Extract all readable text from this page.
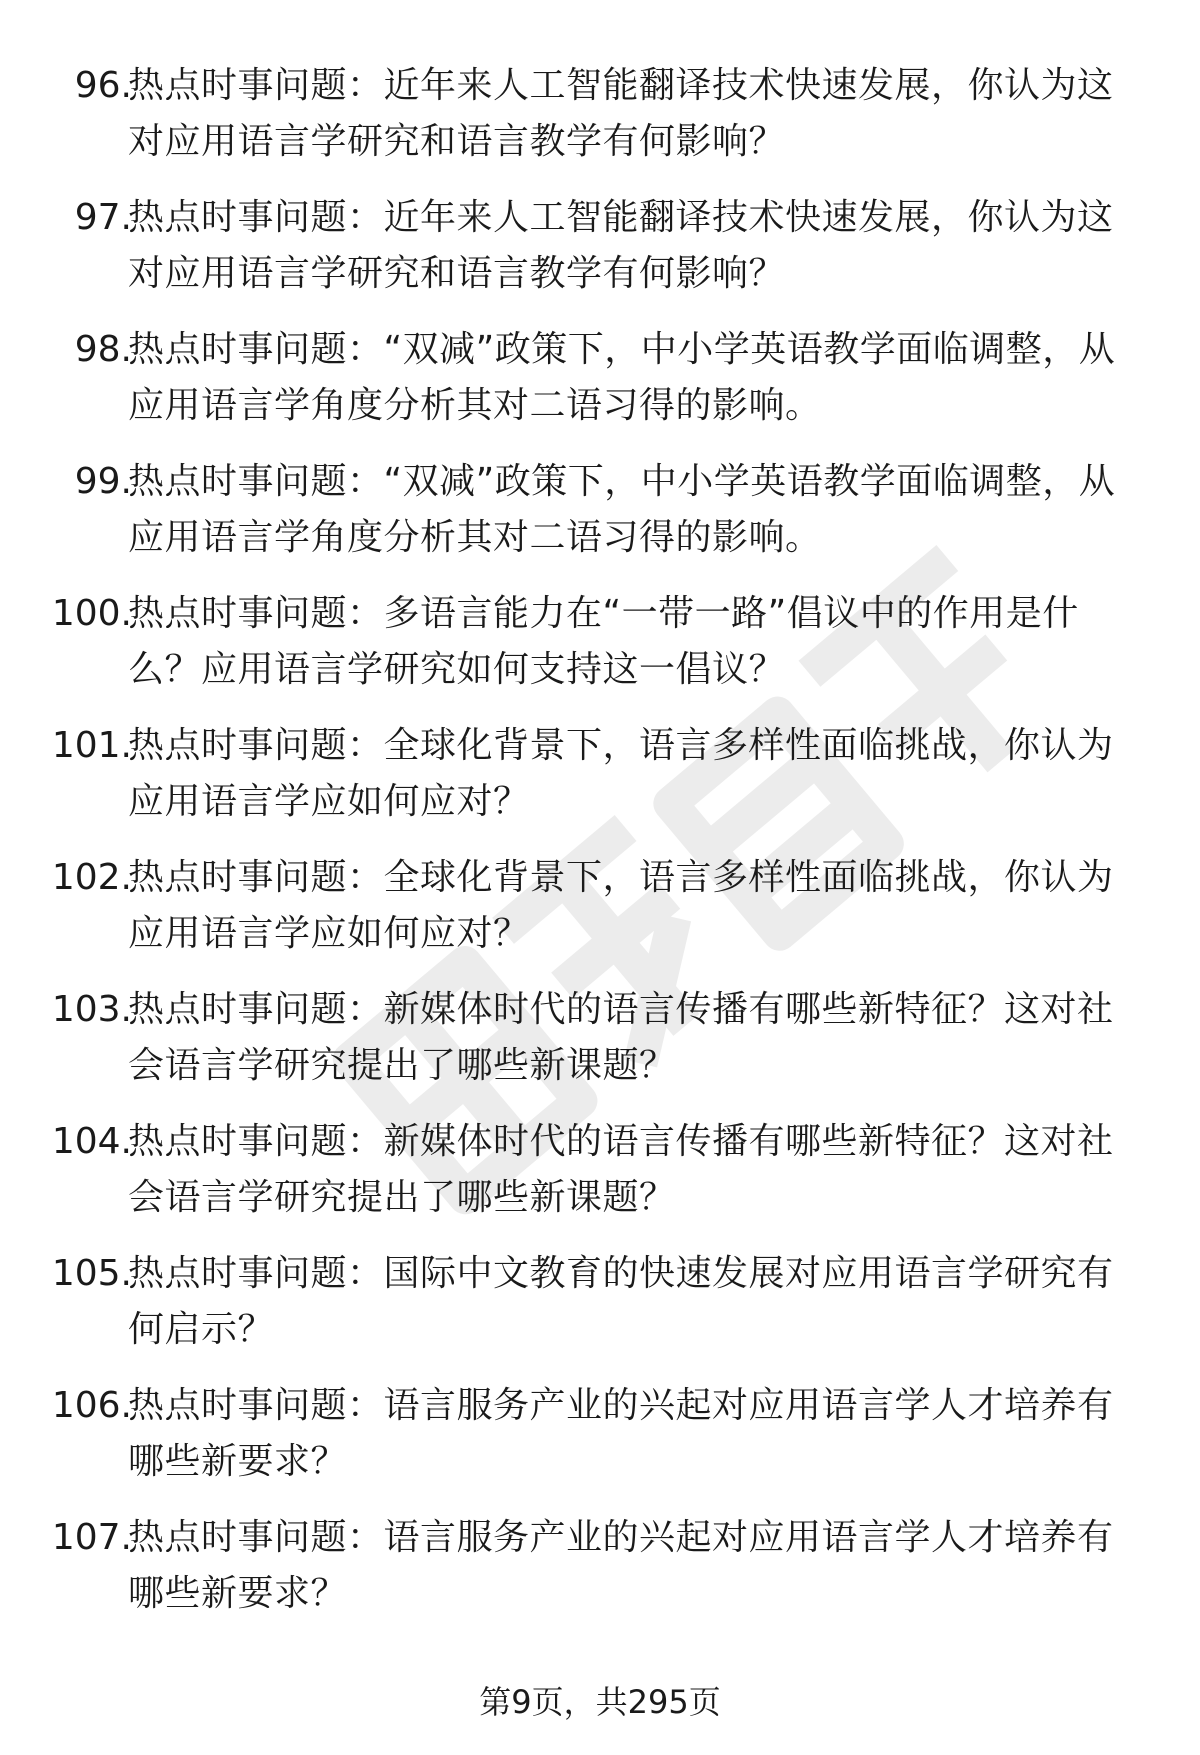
96.
热点时事问题：近年来人工智能翻译技术快速发展，你认为这对应用语言学研究和语言教学有何影响？
97.
热点时事问题：近年来人工智能翻译技术快速发展，你认为这对应用语言学研究和语言教学有何影响？
98.
热点时事问题：“双减”政策下，中小学英语教学面临调整，从应用语言学角度分析其对二语习得的影响。
99.
热点时事问题：“双减”政策下，中小学英语教学面临调整，从应用语言学角度分析其对二语习得的影响。
100.
热点时事问题：多语言能力在“一带一路”倡议中的作用是什么？应用语言学研究如何支持这一倡议？
101.
热点时事问题：全球化背景下，语言多样性面临挑战，你认为应用语言学应如何应对？
102.
热点时事问题：全球化背景下，语言多样性面临挑战，你认为应用语言学应如何应对？
103.
热点时事问题：新媒体时代的语言传播有哪些新特征？这对社会语言学研究提出了哪些新课题？
104.
热点时事问题：新媒体时代的语言传播有哪些新特征？这对社会语言学研究提出了哪些新课题？
105.
热点时事问题：国际中文教育的快速发展对应用语言学研究有何启示？
106.
热点时事问题：语言服务产业的兴起对应用语言学人才培养有哪些新要求？
107.
热点时事问题：语言服务产业的兴起对应用语言学人才培养有哪些新要求？
第9页，共295页
